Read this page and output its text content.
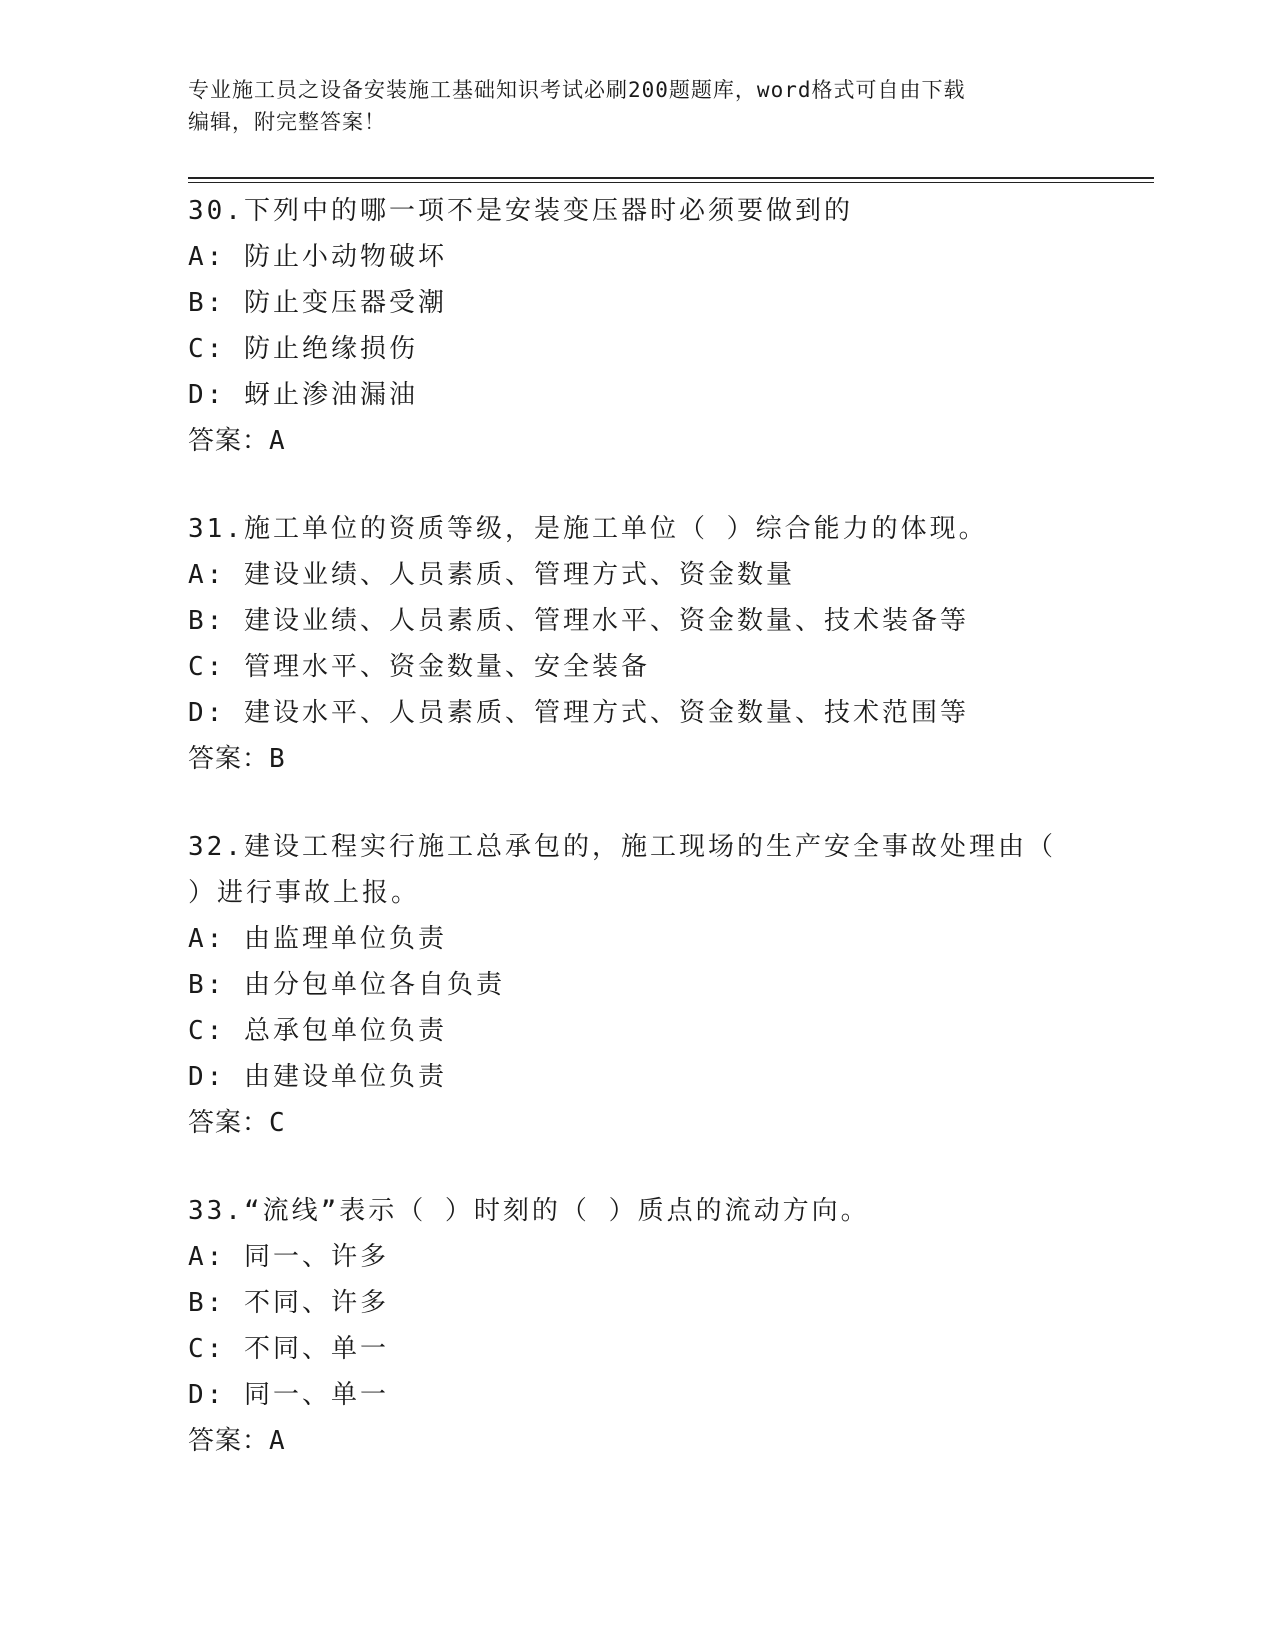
专业施工员之设备安装施工基础知识考试必刷200题题库，word格式可自由下载
编辑，附完整答案！
30.下列中的哪一项不是安装变压器时必须要做到的
A: 防止小动物破坏
B: 防止变压器受潮
C: 防止绝缘损伤
D: 蚜止渗油漏油
答案：A
31.施工单位的资质等级，是施工单位（ ）综合能力的体现。
A: 建设业绩、人员素质、管理方式、资金数量
B: 建设业绩、人员素质、管理水平、资金数量、技术装备等
C: 管理水平、资金数量、安全装备
D: 建设水平、人员素质、管理方式、资金数量、技术范围等
答案：B
32.建设工程实行施工总承包的，施工现场的生产安全事故处理由（
）进行事故上报。
A: 由监理单位负责
B: 由分包单位各自负责
C: 总承包单位负责
D: 由建设单位负责
答案：C
33.“流线”表示（ ）时刻的（ ）质点的流动方向。
A: 同一、许多
B: 不同、许多
C: 不同、单一
D: 同一、单一
答案：A
